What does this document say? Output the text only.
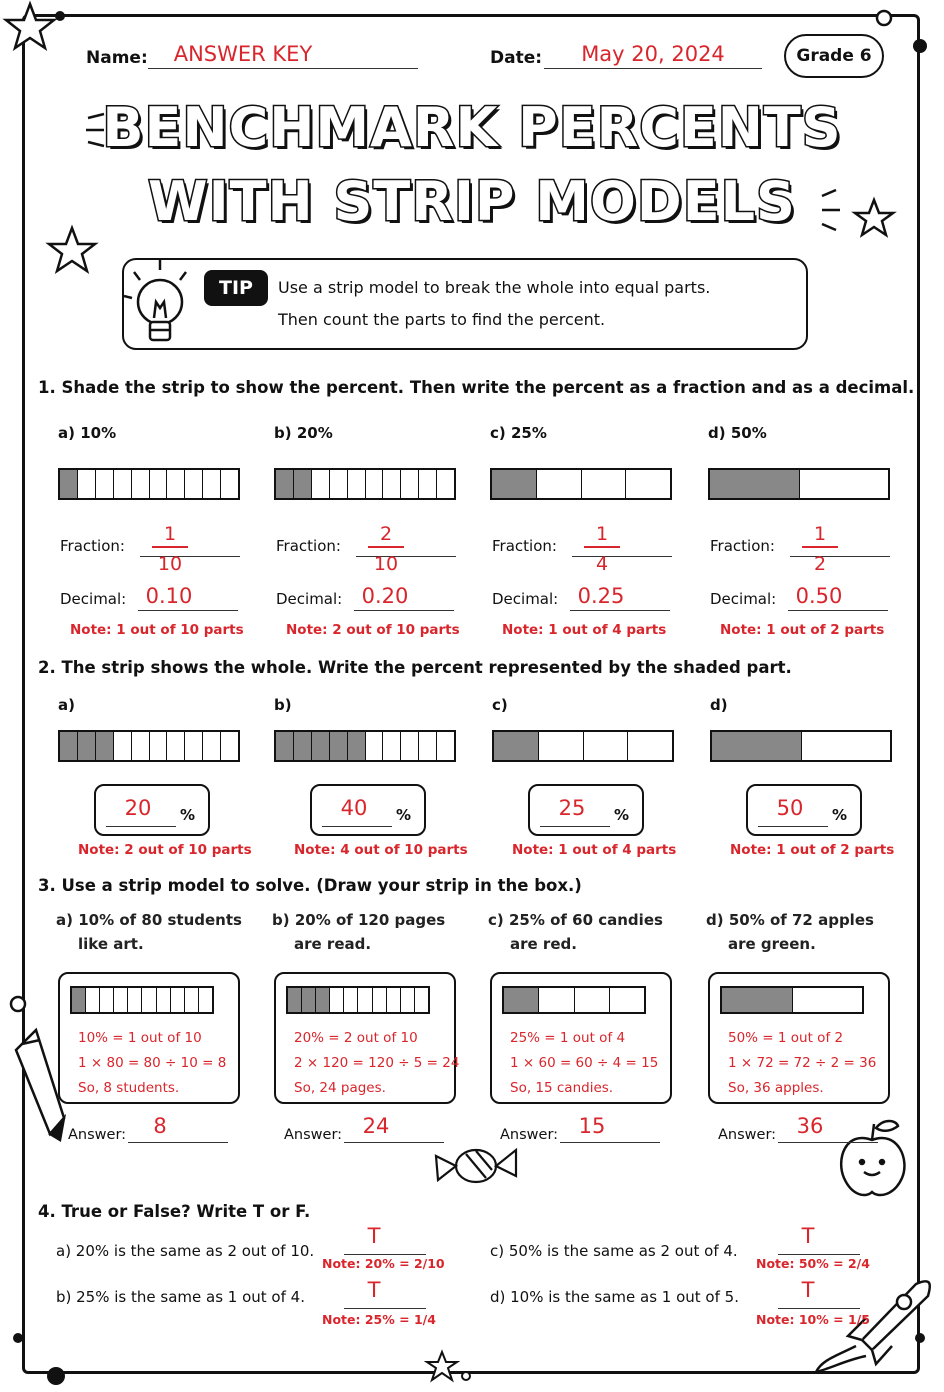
Name:	ANSWER KEY	Date:	May 20, 2024	Grade 6
BENCHMARK PERCENTS
WITH STRIP MODELS
TIP	Use a strip model to break the whole into equal parts.
Then count the parts to find the percent.
1. Shade the strip to show the percent. Then write the percent as a fraction and as a decimal.
a) 10%
Fraction:
1
10
Decimal: 0.10
Note: 1 out of 10 parts
b) 20%
Fraction:
2
10
Decimal: 0.20
Note: 2 out of 10 parts
c) 25%
Fraction:
1
4
Decimal: 0.25
Note: 1 out of 4 parts
d) 50%
Fraction:
1
2
Decimal: 0.50
Note: 1 out of 2 parts
2. The strip shows the whole. Write the percent represented by the shaded part.
a)
20	%
Note: 2 out of 10 parts
b)
40	%
Note: 4 out of 10 parts
c)
25	%
Note: 1 out of 4 parts
d)
50	%
Note: 1 out of 2 parts
3. Use a strip model to solve. (Draw your strip in the box.)
a) 10% of 80 students
like art.
10% = 1 out of 10
1 × 80 = 80 ÷ 10 = 8
So, 8 students.
Answer:	8
b) 20% of 120 pages
are read.
20% = 2 out of 10
2 × 120 = 120 ÷ 5 = 24
So, 24 pages.
Answer: 24
c) 25% of 60 candies
are red.
25% = 1 out of 4
1 × 60 = 60 ÷ 4 = 15
So, 15 candies.
Answer: 15
d) 50% of 72 apples
are green.
50% = 1 out of 2
1 × 72 = 72 ÷ 2 = 36
So, 36 apples.
Answer: 36
4. True or False? Write T or F.
a) 20% is the same as 2 out of 10.
T
Note: 20% = 2/10
b) 25% is the same as 1 out of 4.	T
Note: 25% = 1/4
c) 50% is the same as 2 out of 4.
T
Note: 50% = 2/4
d) 10% is the same as 1 out of 5.	T
Note: 10% = 1/5
